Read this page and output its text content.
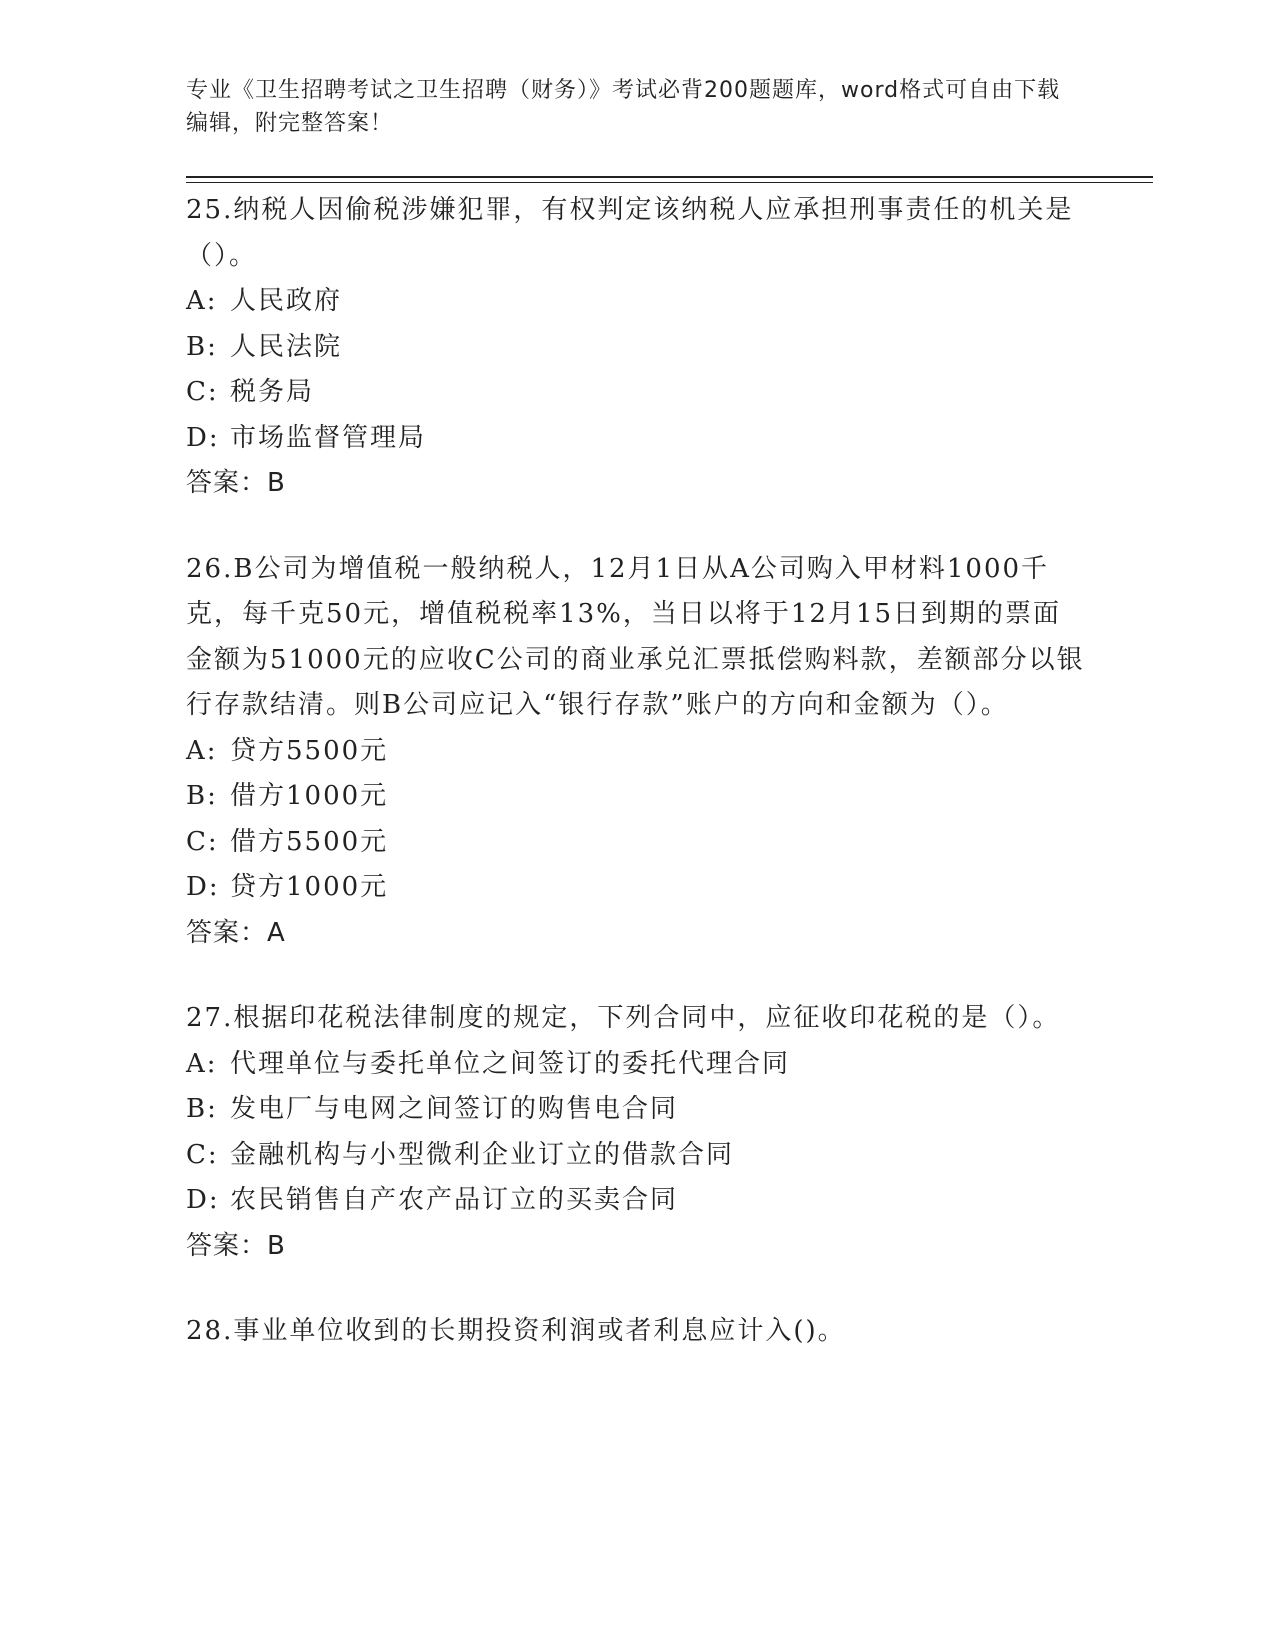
专业《卫生招聘考试之卫生招聘（财务）》考试必背200题题库，word格式可自由下载编辑，附完整答案！

25.纳税人因偷税涉嫌犯罪，有权判定该纳税人应承担刑事责任的机关是（）。

A: 人民政府
B: 人民法院
C: 税务局
D: 市场监督管理局
答案：B

26.B公司为增值税一般纳税人，12月1日从A公司购入甲材料1000千克，每千克50元，增值税税率13%，当日以将于12月15日到期的票面金额为51000元的应收C公司的商业承兑汇票抵偿购料款，差额部分以银行存款结清。则B公司应记入“银行存款”账户的方向和金额为（）。

A: 贷方5500元
B: 借方1000元
C: 借方5500元
D: 贷方1000元
答案：A

27.根据印花税法律制度的规定，下列合同中，应征收印花税的是（）。

A: 代理单位与委托单位之间签订的委托代理合同
B: 发电厂与电网之间签订的购售电合同
C: 金融机构与小型微利企业订立的借款合同
D: 农民销售自产农产品订立的买卖合同
答案：B

28.事业单位收到的长期投资利润或者利息应计入()。
